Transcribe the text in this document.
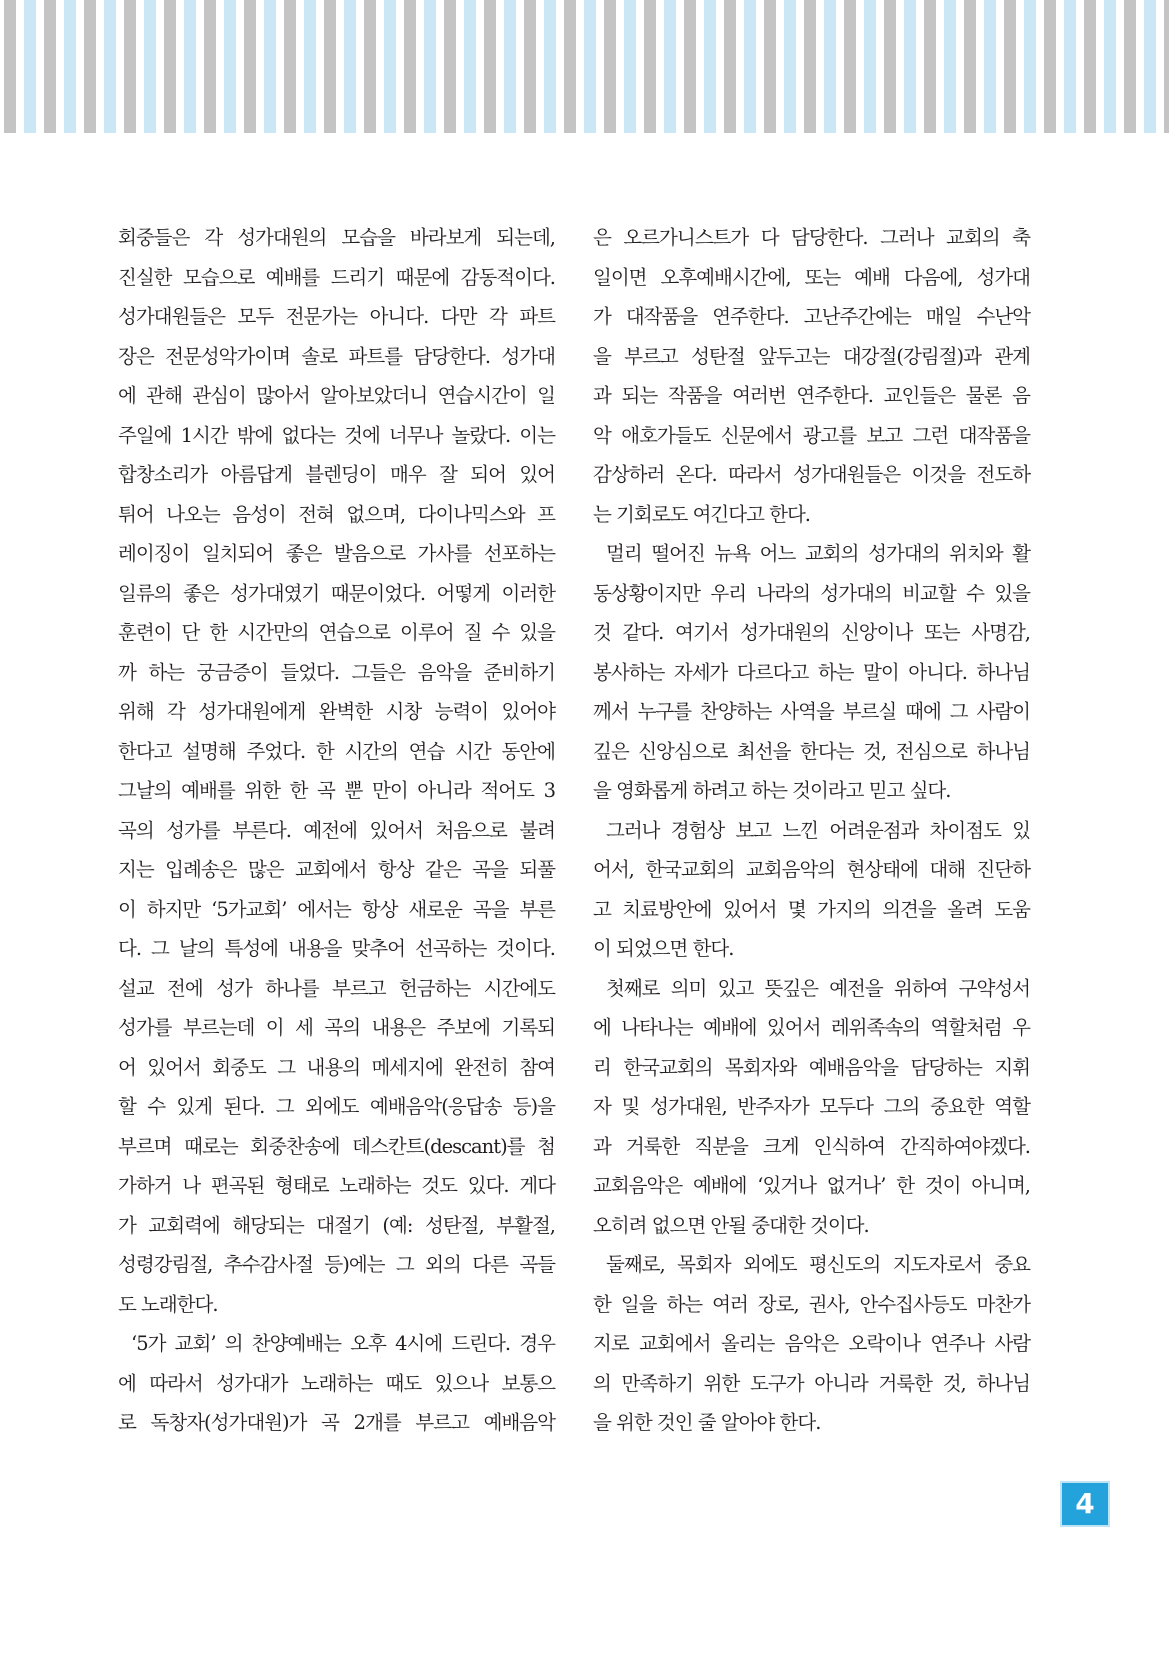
회중들은 각 성가대원의 모습을 바라보게 되는데,
진실한 모습으로 예배를 드리기 때문에 감동적이다.
성가대원들은 모두 전문가는 아니다. 다만 각 파트
장은 전문성악가이며 솔로 파트를 담당한다. 성가대
에 관해 관심이 많아서 알아보았더니 연습시간이 일
주일에 1시간 밖에 없다는 것에 너무나 놀랐다. 이는
합창소리가 아름답게 블렌딩이 매우 잘 되어 있어
튀어 나오는 음성이 전혀 없으며, 다이나믹스와 프
레이징이 일치되어 좋은 발음으로 가사를 선포하는
일류의 좋은 성가대였기 때문이었다. 어떻게 이러한
훈련이 단 한 시간만의 연습으로 이루어 질 수 있을
까 하는 궁금증이 들었다. 그들은 음악을 준비하기
위해 각 성가대원에게 완벽한 시창 능력이 있어야
한다고 설명해 주었다. 한 시간의 연습 시간 동안에
그날의 예배를 위한 한 곡 뿐 만이 아니라 적어도 3
곡의 성가를 부른다. 예전에 있어서 처음으로 불려
지는 입례송은 많은 교회에서 항상 같은 곡을 되풀
이 하지만 ‘5가교회’ 에서는 항상 새로운 곡을 부른
다. 그 날의 특성에 내용을 맞추어 선곡하는 것이다.
설교 전에 성가 하나를 부르고 헌금하는 시간에도
성가를 부르는데 이 세 곡의 내용은 주보에 기록되
어 있어서 회중도 그 내용의 메세지에 완전히 참여
할 수 있게 된다. 그 외에도 예배음악(응답송 등)을
부르며 때로는 회중찬송에 데스칸트(descant)를 첨
가하거 나 편곡된 형태로 노래하는 것도 있다. 게다
가 교회력에 해당되는 대절기 (예: 성탄절, 부활절,
성령강림절, 추수감사절 등)에는 그 외의 다른 곡들
도 노래한다.
‘5가 교회’ 의 찬양예배는 오후 4시에 드린다. 경우
에 따라서 성가대가 노래하는 때도 있으나 보통으
로 독창자(성가대원)가 곡 2개를 부르고 예배음악
은 오르가니스트가 다 담당한다. 그러나 교회의 축
일이면 오후예배시간에, 또는 예배 다음에, 성가대
가 대작품을 연주한다. 고난주간에는 매일 수난악
을 부르고 성탄절 앞두고는 대강절(강림절)과 관계
과 되는 작품을 여러번 연주한다. 교인들은 물론 음
악 애호가들도 신문에서 광고를 보고 그런 대작품을
감상하러 온다. 따라서 성가대원들은 이것을 전도하
는 기회로도 여긴다고 한다.
멀리 떨어진 뉴욕 어느 교회의 성가대의 위치와 활
동상황이지만 우리 나라의 성가대의 비교할 수 있을
것 같다. 여기서 성가대원의 신앙이나 또는 사명감,
봉사하는 자세가 다르다고 하는 말이 아니다. 하나님
께서 누구를 찬양하는 사역을 부르실 때에 그 사람이
깊은 신앙심으로 최선을 한다는 것, 전심으로 하나님
을 영화롭게 하려고 하는 것이라고 믿고 싶다.
그러나 경험상 보고 느낀 어려운점과 차이점도 있
어서, 한국교회의 교회음악의 현상태에 대해 진단하
고 치료방안에 있어서 몇 가지의 의견을 올려 도움
이 되었으면 한다.
첫째로 의미 있고 뜻깊은 예전을 위하여 구약성서
에 나타나는 예배에 있어서 레위족속의 역할처럼 우
리 한국교회의 목회자와 예배음악을 담당하는 지휘
자 및 성가대원, 반주자가 모두다 그의 중요한 역할
과 거룩한 직분을 크게 인식하여 간직하여야겠다.
교회음악은 예배에 ‘있거나 없거나’ 한 것이 아니며,
오히려 없으면 안될 중대한 것이다.
둘째로, 목회자 외에도 평신도의 지도자로서 중요
한 일을 하는 여러 장로, 권사, 안수집사등도 마찬가
지로 교회에서 올리는 음악은 오락이나 연주나 사람
의 만족하기 위한 도구가 아니라 거룩한 것, 하나님
을 위한 것인 줄 알아야 한다.
4
